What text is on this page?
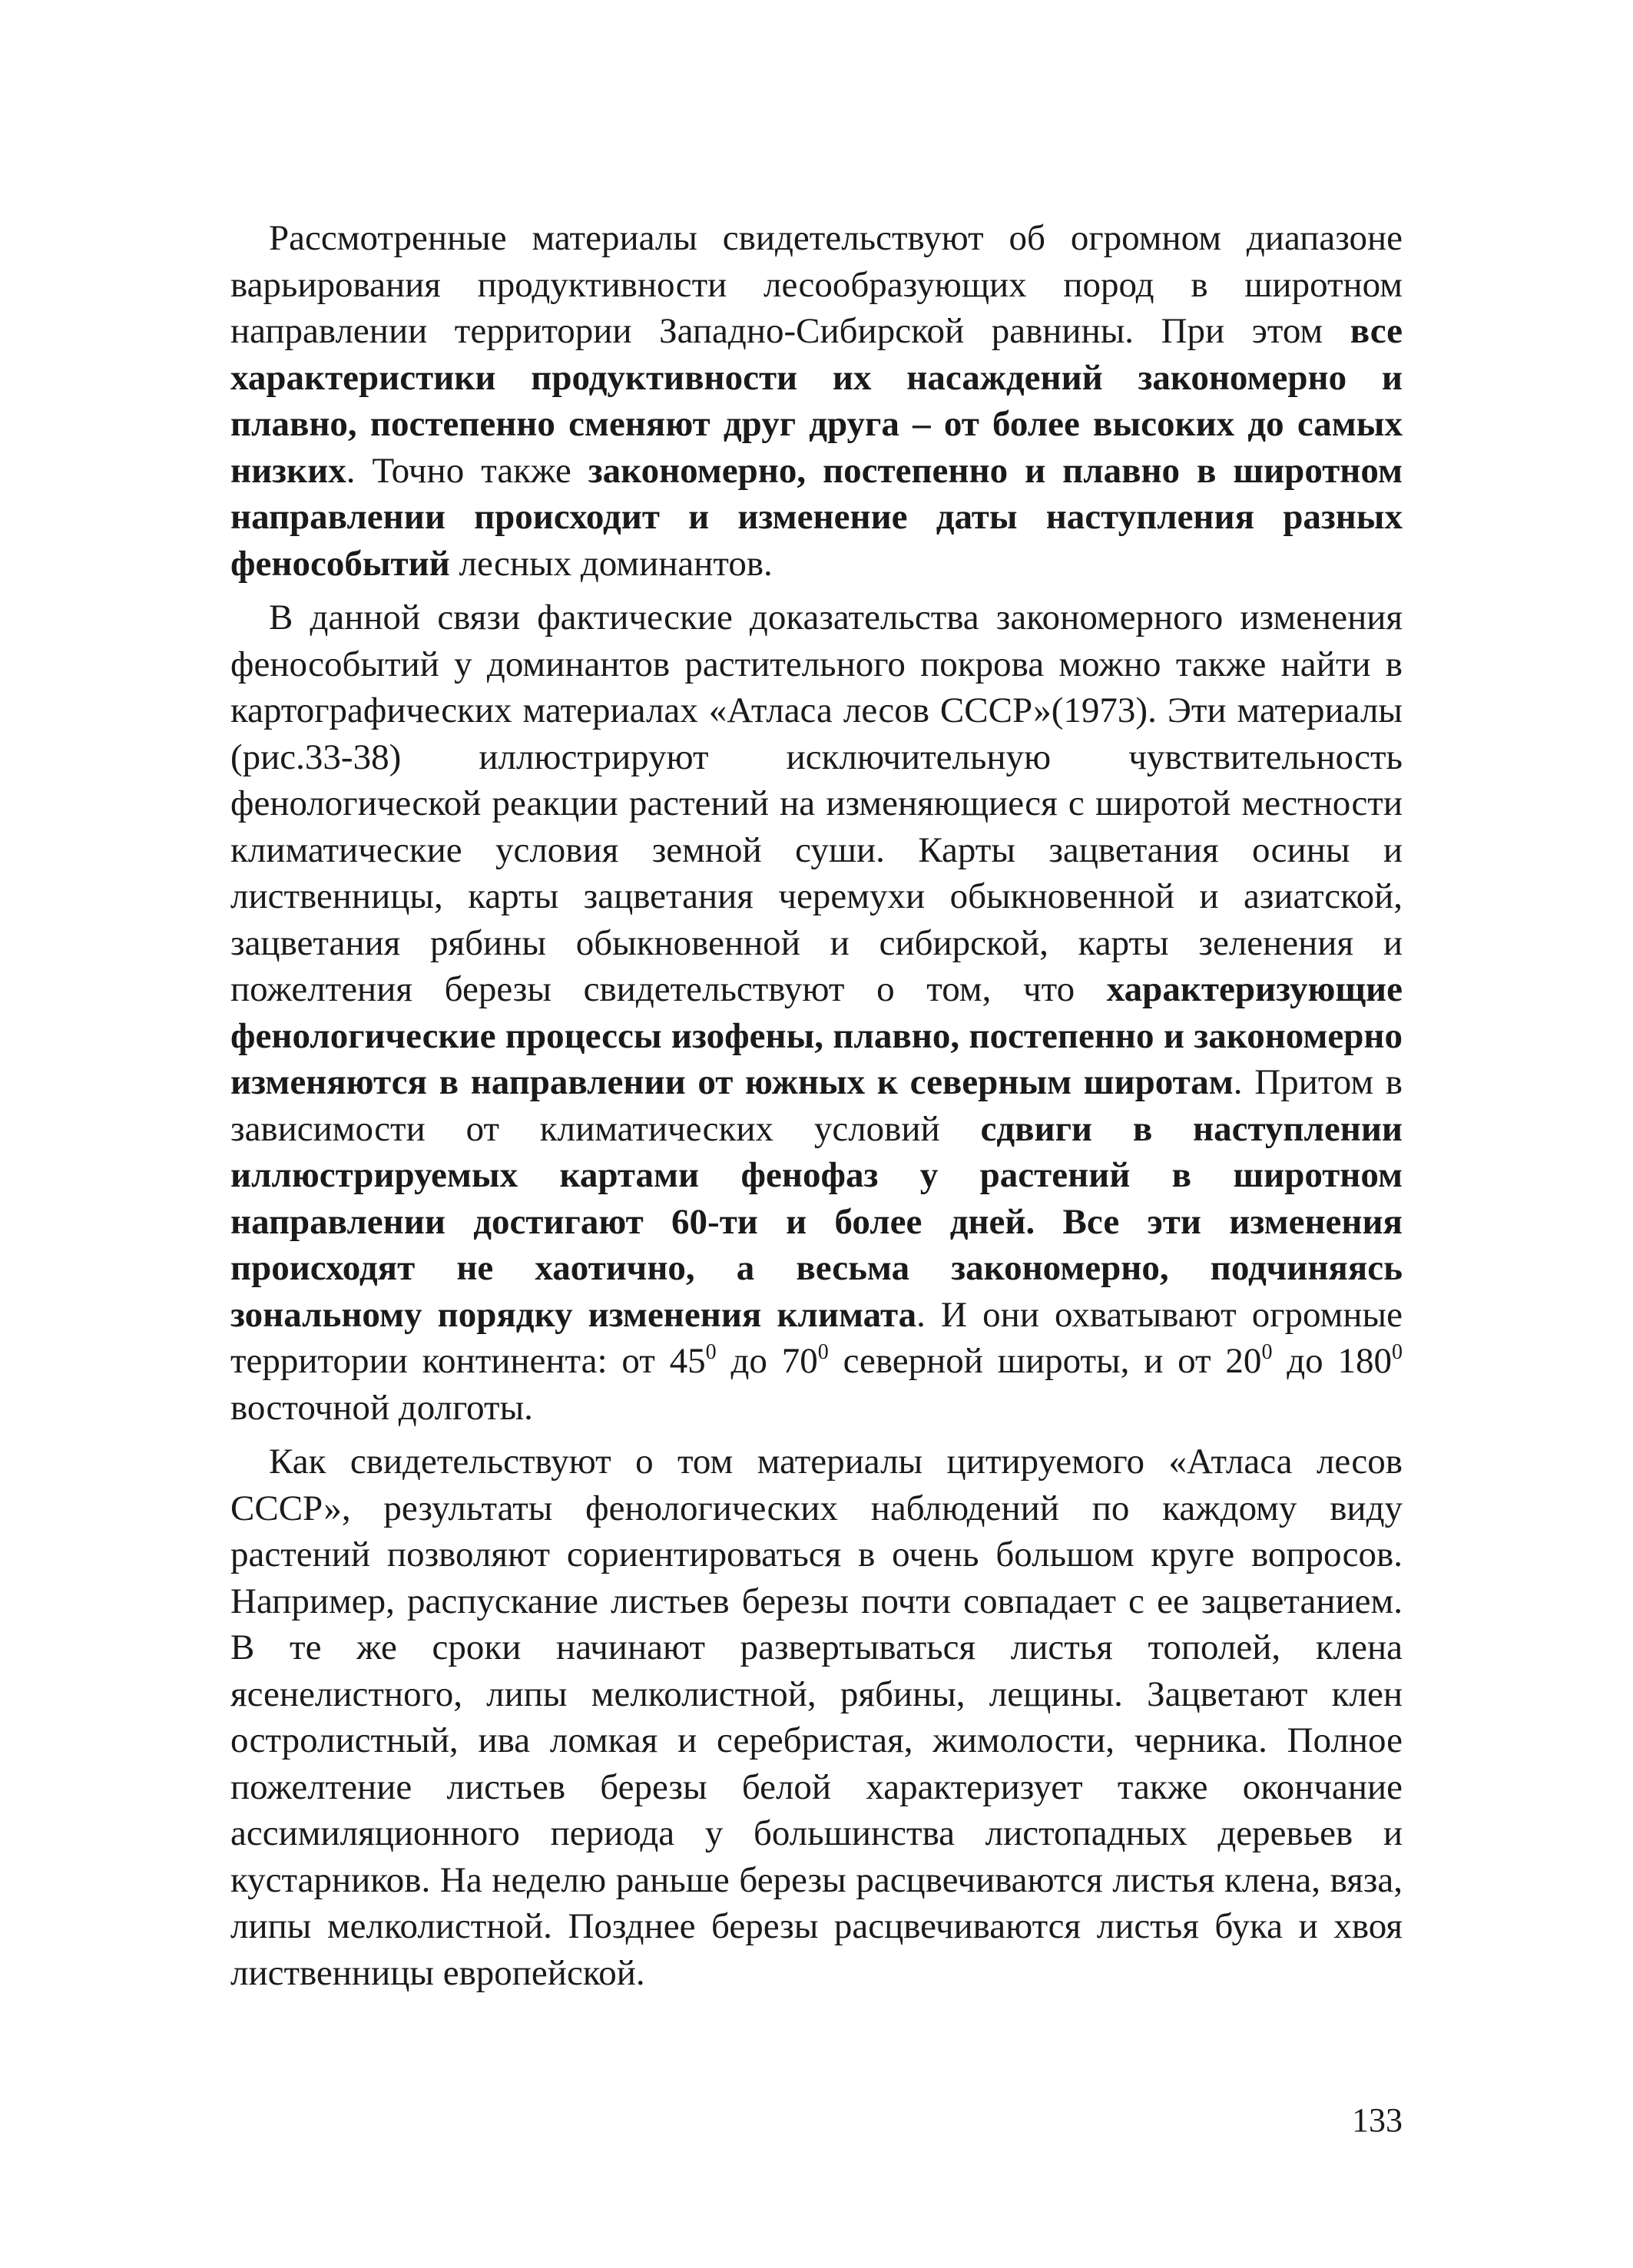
Рассмотренные материалы свидетельствуют об огромном диапазоне варьирования продуктивности лесообразующих пород в широтном направлении территории Западно-Сибирской равнины. При этом все характеристики продуктивности их насаждений закономерно и плавно, постепенно сменяют друг друга – от более высоких до самых низких. Точно также закономерно, постепенно и плавно в широтном направлении происходит и изменение даты наступления разных фенособытий лесных доминантов.

В данной связи фактические доказательства закономерного изменения фенособытий у доминантов растительного покрова можно также найти в картографических материалах «Атласа лесов СССР»(1973). Эти материалы (рис.33-38) иллюстрируют исключительную чувствительность фенологической реакции растений на изменяющиеся с широтой местности климатические условия земной суши. Карты зацветания осины и лиственницы, карты зацветания черемухи обыкновенной и азиатской, зацветания рябины обыкновенной и сибирской, карты зеленения и пожелтения березы свидетельствуют о том, что характеризующие фенологические процессы изофены, плавно, постепенно и закономерно изменяются в направлении от южных к северным широтам. Притом в зависимости от климатических условий сдвиги в наступлении иллюстрируемых картами фенофаз у растений в широтном направлении достигают 60-ти и более дней. Все эти изменения происходят не хаотично, а весьма закономерно, подчиняясь зональному порядку изменения климата. И они охватывают огромные территории континента: от $45^0$ до $70^0$ северной широты, и от $20^0$ до $180^0$ восточной долготы.

Как свидетельствуют о том материалы цитируемого «Атласа лесов СССР», результаты фенологических наблюдений по каждому виду растений позволяют сориентироваться в очень большом круге вопросов. Например, распускание листьев березы почти совпадает с ее зацветанием. В те же сроки начинают развертываться листья тополей, клена ясенелистного, липы мелколистной, рябины, лещины. Зацветают клен остролистный, ива ломкая и серебристая, жимолости, черника. Полное пожелтение листьев березы белой характеризует также окончание ассимиляционного периода у большинства листопадных деревьев и кустарников. На неделю раньше березы расцвечиваются листья клена, вяза, липы мелколистной. Позднее березы расцвечиваются листья бука и хвоя лиственницы европейской.

133
